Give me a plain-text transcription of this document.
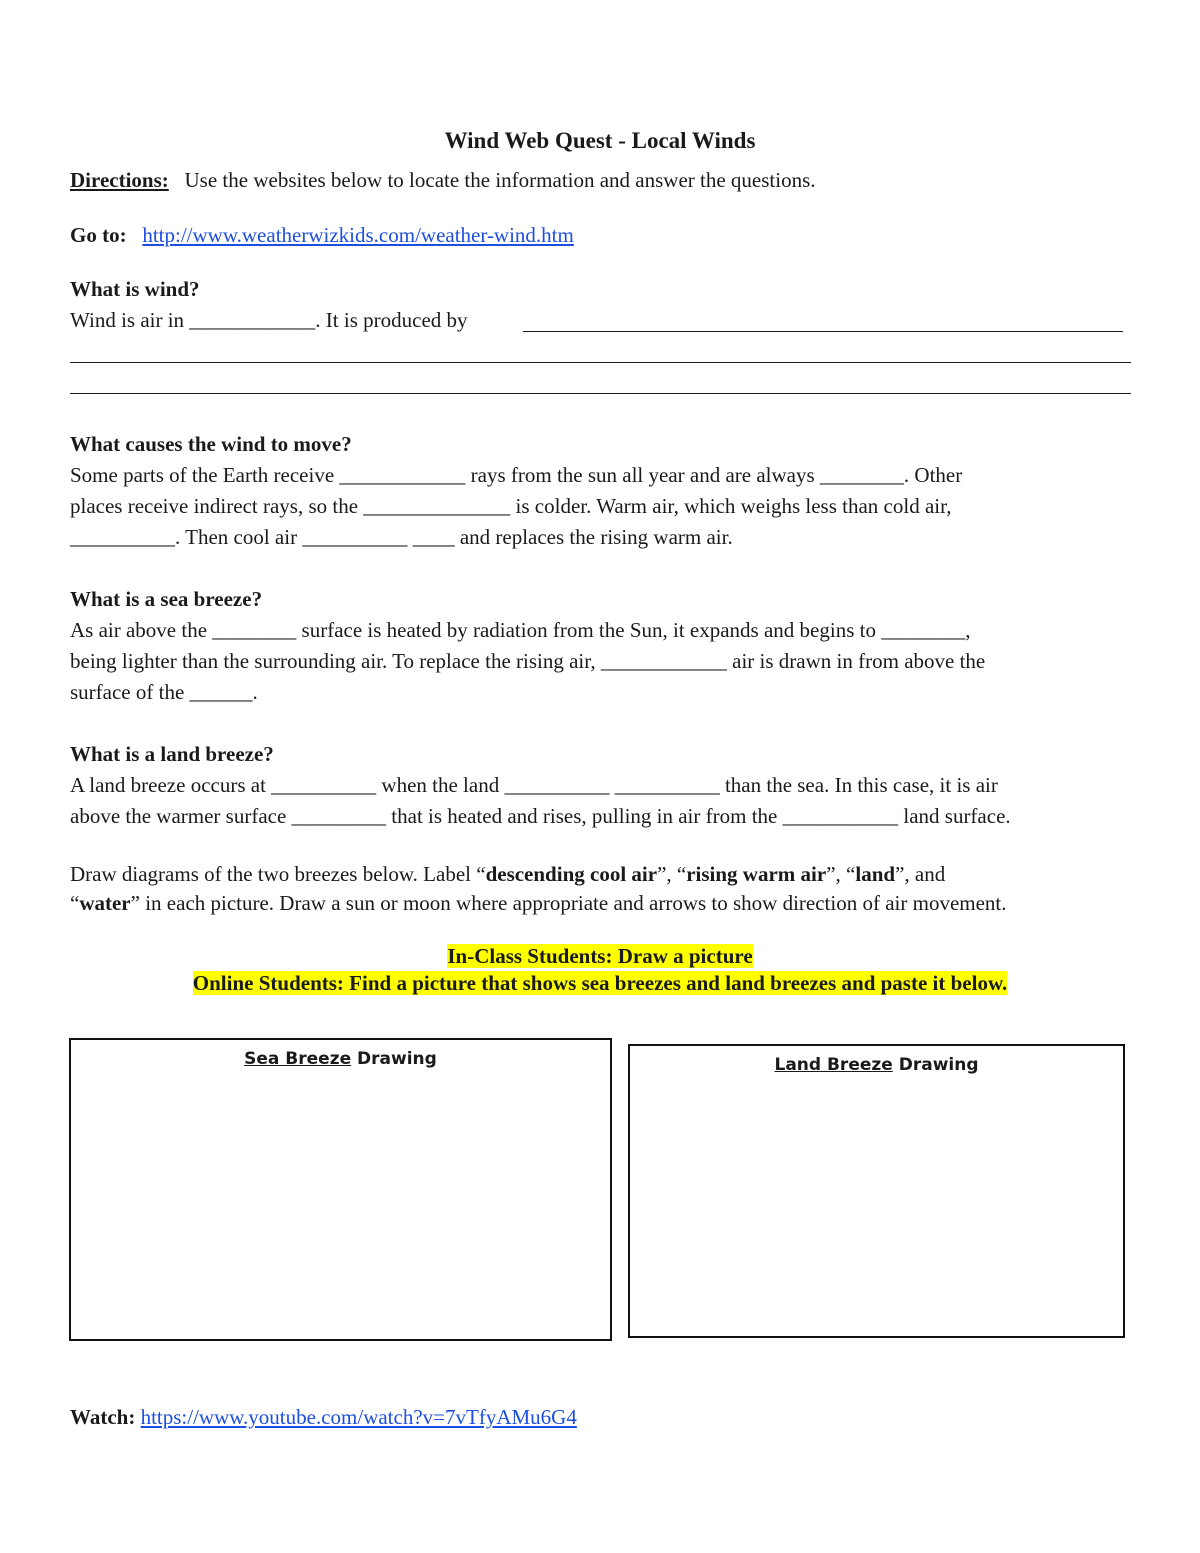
Wind Web Quest - Local Winds
Directions: Use the websites below to locate the information and answer the questions.
Go to: http://www.weatherwizkids.com/weather-wind.htm
What is wind?
Wind is air in ____________. It is produced by
What causes the wind to move?
Some parts of the Earth receive ____________ rays from the sun all year and are always ________. Other
places receive indirect rays, so the ______________ is colder. Warm air, which weighs less than cold air,
__________. Then cool air __________ ____ and replaces the rising warm air.
What is a sea breeze?
As air above the ________ surface is heated by radiation from the Sun, it expands and begins to ________,
being lighter than the surrounding air. To replace the rising air, ____________ air is drawn in from above the
surface of the ______.
What is a land breeze?
A land breeze occurs at __________ when the land __________ __________ than the sea. In this case, it is air
above the warmer surface _________ that is heated and rises, pulling in air from the ___________ land surface.
Draw diagrams of the two breezes below. Label “descending cool air”, “rising warm air”, “land”, and
“water” in each picture. Draw a sun or moon where appropriate and arrows to show direction of air movement.
In-Class Students: Draw a picture
Online Students: Find a picture that shows sea breezes and land breezes and paste it below.
Sea Breeze Drawing	Land Breeze Drawing
Watch: https://www.youtube.com/watch?v=7vTfyAMu6G4
